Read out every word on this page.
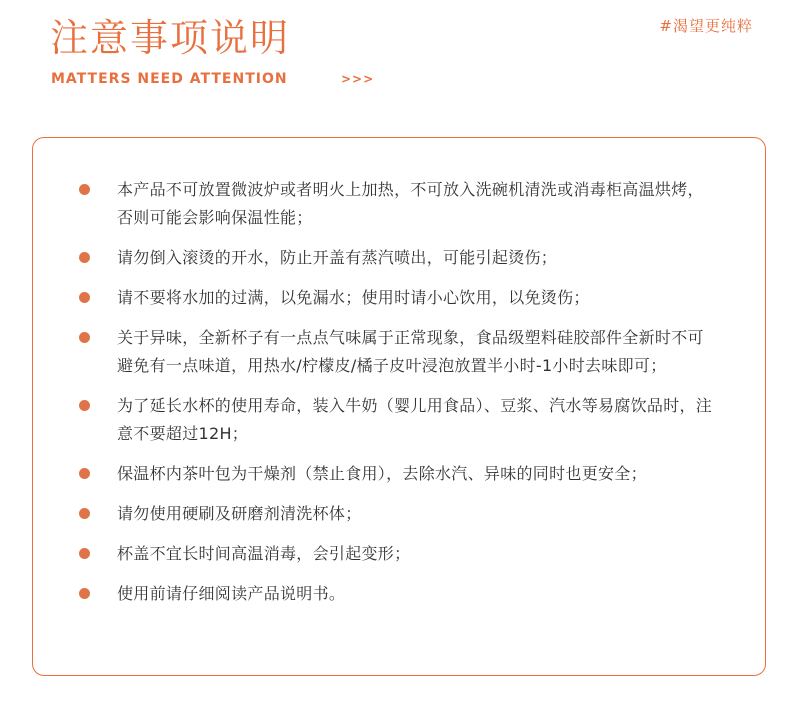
注意事项说明
MATTERS NEED ATTENTION	>>>
#渴望更纯粹
本产品不可放置微波炉或者明火上加热，不可放入洗碗机清洗或消毒柜高温烘烤，否则可能会影响保温性能；
请勿倒入滚烫的开水，防止开盖有蒸汽喷出，可能引起烫伤；
请不要将水加的过满，以免漏水；使用时请小心饮用，以免烫伤；
关于异味，全新杯子有一点点气味属于正常现象，食品级塑料硅胶部件全新时不可避免有一点味道，用热水/柠檬皮/橘子皮叶浸泡放置半小时-1小时去味即可；
为了延长水杯的使用寿命，装入牛奶（婴儿用食品）、豆浆、汽水等易腐饮品时，注意不要超过12H；
保温杯内茶叶包为干燥剂（禁止食用），去除水汽、异味的同时也更安全；
请勿使用硬刷及研磨剂清洗杯体；
杯盖不宜长时间高温消毒，会引起变形；
使用前请仔细阅读产品说明书。
